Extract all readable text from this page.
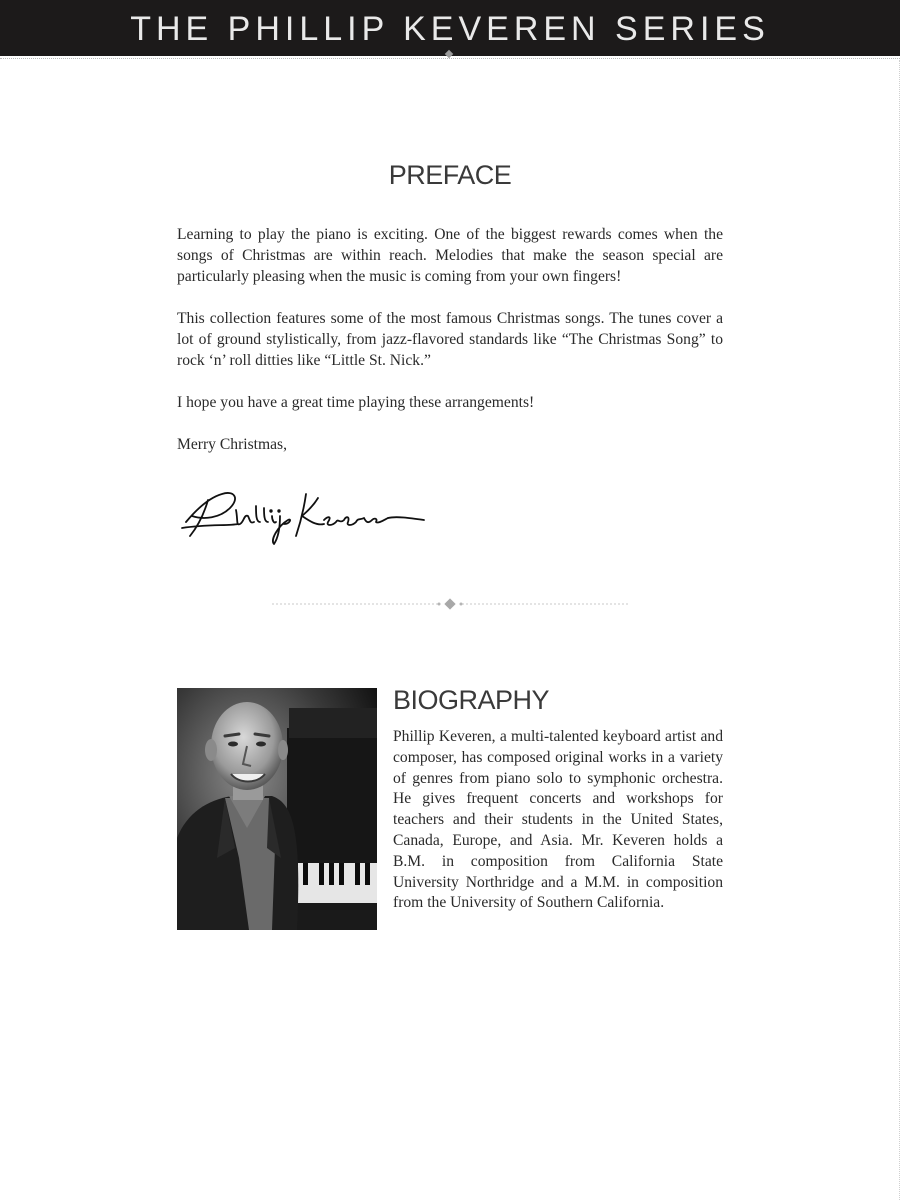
THE PHILLIP KEVEREN SERIES
PREFACE

Learning to play the piano is exciting. One of the biggest rewards comes when the songs of Christmas are within reach. Melodies that make the season special are particularly pleasing when the music is coming from your own fingers!

This collection features some of the most famous Christmas songs. The tunes cover a lot of ground stylistically, from jazz-flavored standards like “The Christmas Song” to rock ‘n’ roll ditties like “Little St. Nick.”

I hope you have a great time playing these arrangements!

Merry Christmas,

BIOGRAPHY

Phillip Keveren, a multi-talented keyboard artist and composer, has composed original works in a variety of genres from piano solo to symphonic orchestra. He gives frequent concerts and workshops for teachers and their students in the United States, Canada, Europe, and Asia. Mr. Keveren holds a B.M. in composition from California State University Northridge and a M.M. in composition from the University of Southern California.
